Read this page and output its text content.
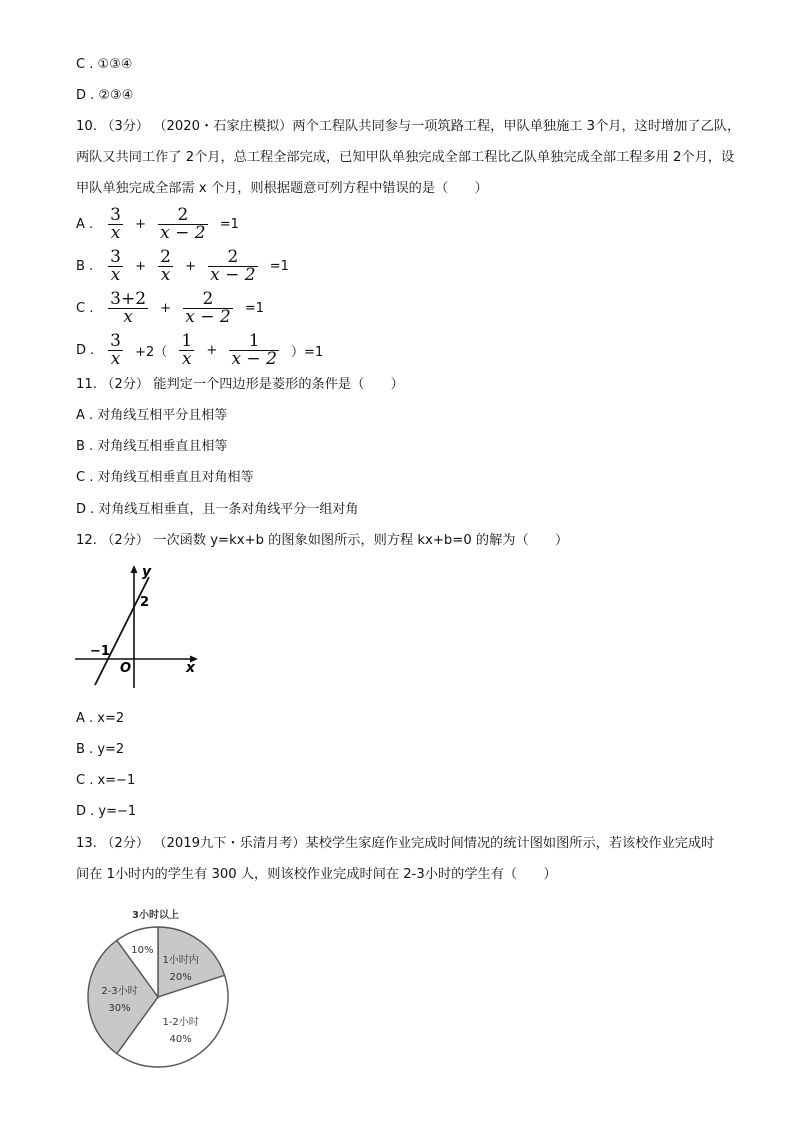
C . ①③④
D . ②③④
10. （3分） （2020・石家庄模拟）两个工程队共同参与一项筑路工程，甲队单独施工 3个月，这时增加了乙队，
两队又共同工作了 2个月，总工程全部完成，已知甲队单独完成全部工程比乙队单独完成全部工程多用 2个月，设
甲队单独完成全部需 x 个月，则根据题意可列方程中错误的是（　　）
A . $\frac{3}{x} + \frac{2}{x - 2} =1$
B . $\frac{3}{x} + \frac{2}{x} + \frac{2}{x - 2} =1$
C . $\frac{3+2}{x} + \frac{2}{x - 2} =1$
D . $\frac{3}{x} +2( \frac{1}{x} + \frac{1}{x - 2} )=1$
11. （2分） 能判定一个四边形是菱形的条件是（　　）
A . 对角线互相平分且相等
B . 对角线互相垂直且相等
C . 对角线互相垂直且对角相等
D . 对角线互相垂直，且一条对角线平分一组对角
12. （2分） 一次函数 y=kx+b 的图象如图所示，则方程 kx+b=0 的解为（　　）
y
x
O
−1
2
A . x=2
B . y=2
C . x=−1
D . y=−1
13. （2分） （2019九下・乐清月考）某校学生家庭作业完成时间情况的统计图如图所示，若该校作业完成时
间在 1小时内的学生有 300 人，则该校作业完成时间在 2-3小时的学生有（　　）
1小时内
20%
1-2小时
40%
2-3小时
30%
10%
3小时以上
